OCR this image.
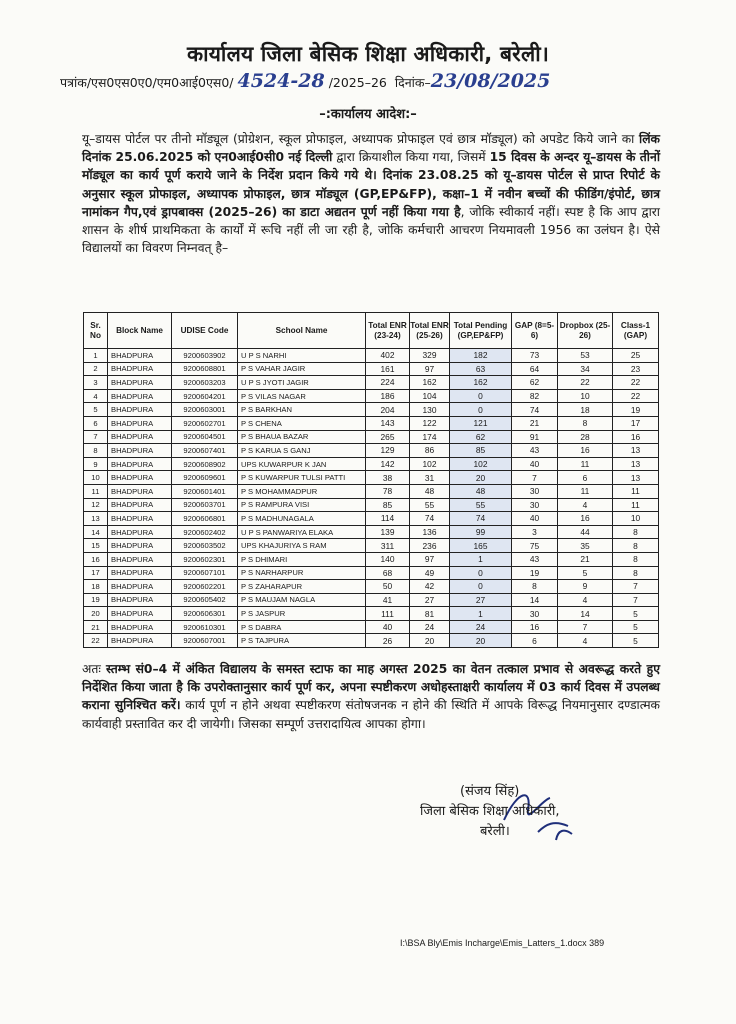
कार्यालय जिला बेसिक शिक्षा अधिकारी, बरेली।
पत्रांक/एस0एस0ए0/एम0आई0एस0/ 4524-28 /2025–26 दिनांक–23/08/2025
–:कार्यालय आदेश:–
यू–डायस पोर्टल पर तीनो मॉड्यूल (प्रोग्रेशन, स्कूल प्रोफाइल, अध्यापक प्रोफाइल एवं छात्र मॉड्यूल) को अपडेट किये जाने का लिंक दिनांक 25.06.2025 को एन0आई0सी0 नई दिल्ली द्वारा क्रियाशील किया गया, जिसमें 15 दिवस के अन्दर यू–डायस के तीनों मॉड्यूल का कार्य पूर्ण कराये जाने के निर्देश प्रदान किये गये थे। दिनांक 23.08.25 को यू–डायस पोर्टल से प्राप्त रिपोर्ट के अनुसार स्कूल प्रोफाइल, अध्यापक प्रोफाइल, छात्र मॉड्यूल (GP,EP&FP), कक्षा–1 में नवीन बच्चों की फीडिंग/इंपोर्ट, छात्र नामांकन गैप,एवं ड्रापबाक्स (2025–26) का डाटा अद्यतन पूर्ण नहीं किया गया है, जोकि स्वीकार्य नहीं। स्पष्ट है कि आप द्वारा शासन के शीर्ष प्राथमिकता के कार्यों में रूचि नहीं ली जा रही है, जोकि कर्मचारी आचरण नियमावली 1956 का उलंघन है। ऐसे विद्यालयों का विवरण निम्नवत् है–
Sr. No	Block Name	UDISE Code	School Name	Total ENR (23-24)	Total ENR (25-26)	Total Pending (GP,EP&FP)	GAP (8=5-6)	Dropbox (25-26)	Class-1 (GAP)
1	BHADPURA	9200603902	U P S NARHI	402	329	182	73	53	25
2	BHADPURA	9200608801	P S VAHAR JAGIR	161	97	63	64	34	23
3	BHADPURA	9200603203	U P S JYOTI JAGIR	224	162	162	62	22	22
4	BHADPURA	9200604201	P S VILAS NAGAR	186	104	0	82	10	22
5	BHADPURA	9200603001	P S BARKHAN	204	130	0	74	18	19
6	BHADPURA	9200602701	P S CHENA	143	122	121	21	8	17
7	BHADPURA	9200604501	P S BHAUA BAZAR	265	174	62	91	28	16
8	BHADPURA	9200607401	P S KARUA S GANJ	129	86	85	43	16	13
9	BHADPURA	9200608902	UPS KUWARPUR K JAN	142	102	102	40	11	13
10	BHADPURA	9200609601	P S KUWARPUR TULSI PATTI	38	31	20	7	6	13
11	BHADPURA	9200601401	P S MOHAMMADPUR	78	48	48	30	11	11
12	BHADPURA	9200603701	P S RAMPURA VISI	85	55	55	30	4	11
13	BHADPURA	9200606801	P S MADHUNAGALA	114	74	74	40	16	10
14	BHADPURA	9200602402	U P S PANWARIYA ELAKA	139	136	99	3	44	8
15	BHADPURA	9200603502	UPS KHAJURIYA S RAM	311	236	165	75	35	8
16	BHADPURA	9200602301	P S DHIMARI	140	97	1	43	21	8
17	BHADPURA	9200607101	P S NARHARPUR	68	49	0	19	5	8
18	BHADPURA	9200602201	P S ZAHARAPUR	50	42	0	8	9	7
19	BHADPURA	9200605402	P S MAUJAM NAGLA	41	27	27	14	4	7
20	BHADPURA	9200606301	P S JASPUR	111	81	1	30	14	5
21	BHADPURA	9200610301	P S DABRA	40	24	24	16	7	5
22	BHADPURA	9200607001	P S TAJPURA	26	20	20	6	4	5
अतः स्तम्भ सं0–4 में अंकित विद्यालय के समस्त स्टाफ का माह अगस्त 2025 का वेतन तत्काल प्रभाव से अवरूद्ध करते हुए निर्देशित किया जाता है कि उपरोक्तानुसार कार्य पूर्ण कर, अपना स्पष्टीकरण अधोहस्ताक्षरी कार्यालय में 03 कार्य दिवस में उपलब्ध कराना सुनिश्चित करें। कार्य पूर्ण न होने अथवा स्पष्टीकरण संतोषजनक न होने की स्थिति में आपके विरूद्ध नियमानुसार दण्डात्मक कार्यवाही प्रस्तावित कर दी जायेगी। जिसका सम्पूर्ण उत्तरादायित्व आपका होगा।
(संजय सिंह)
जिला बेसिक शिक्षा अधिकारी,
बरेली।
I:\BSA Bly\Emis Incharge\Emis_Latters_1.docx 389
